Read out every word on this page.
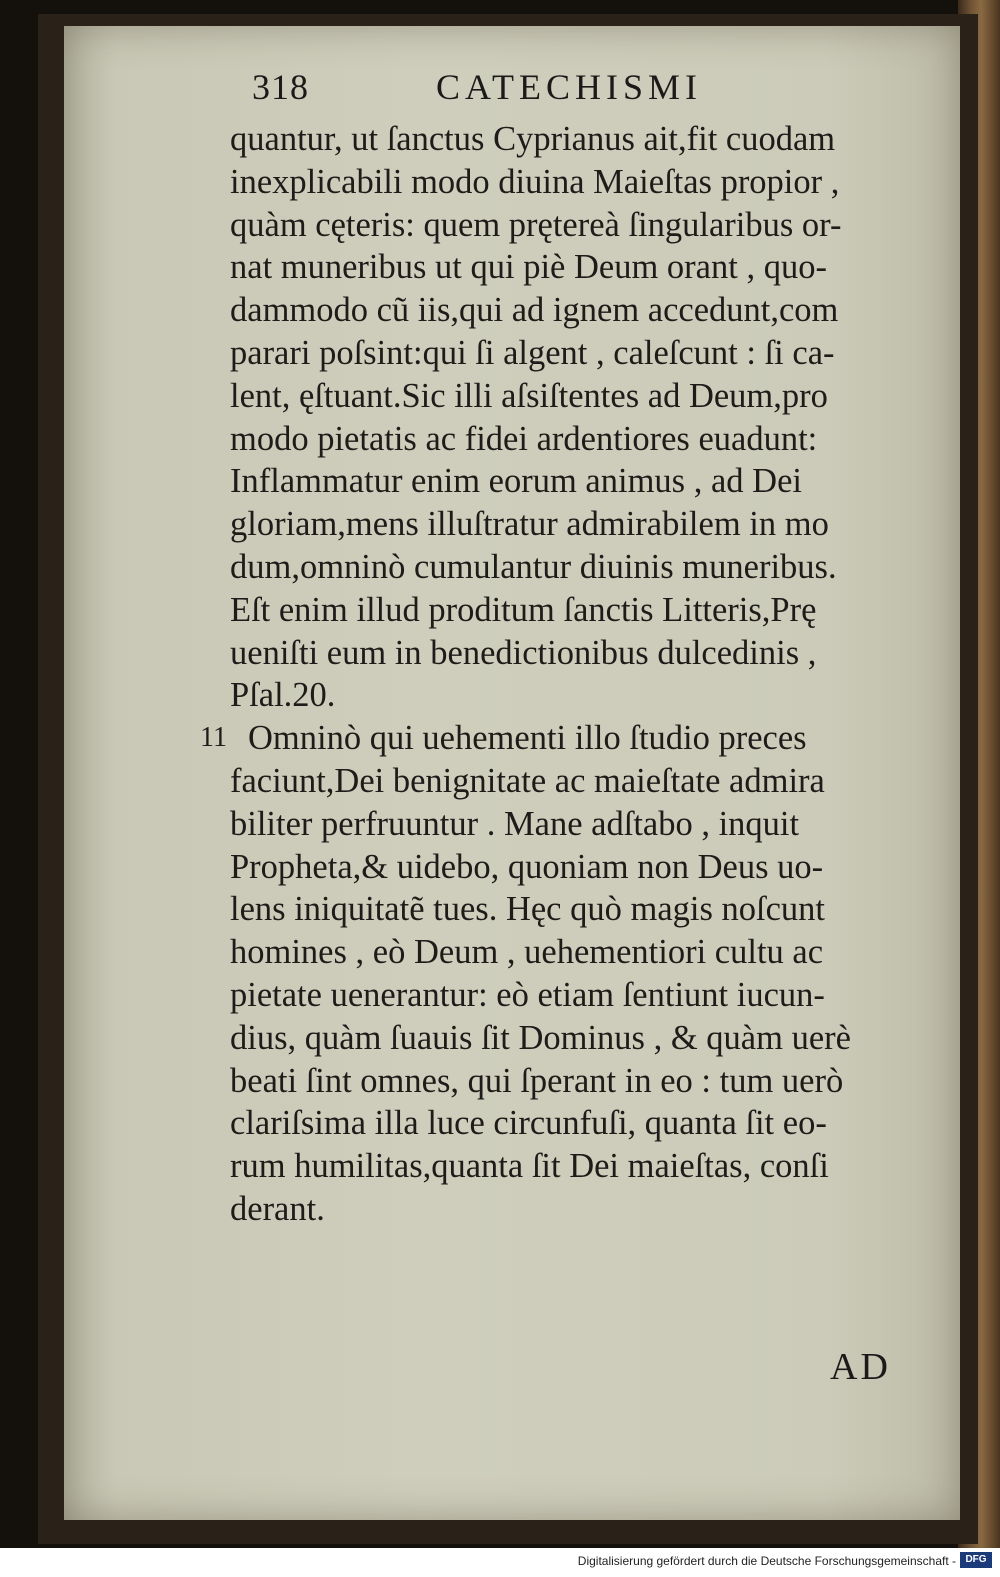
318	CATECHISMI
quantur, ut ſanctus Cyprianus ait,fit cuodam
inexplicabili modo diuina Maieſtas propior ,
quàm cęteris: quem prętereà ſingularibus or-
nat muneribus ut qui piè Deum orant , quo-
dammodo cũ iis,qui ad ignem accedunt,com
parari poſsint:qui ſi algent , caleſcunt : ſi ca-
lent, ęſtuant.Sic illi aſsiſtentes ad Deum,pro
modo pietatis ac fidei ardentiores euadunt:
Inflammatur enim eorum animus , ad Dei
gloriam,mens illuſtratur admirabilem in mo
dum,omninò cumulantur diuinis muneribus.
Eſt enim illud proditum ſanctis Litteris,Prę
ueniſti eum in benedictionibus dulcedinis ,
Pſal.20.
11 Omninò qui uehementi illo ſtudio preces
faciunt,Dei benignitate ac maieſtate admira
biliter perfruuntur . Mane adſtabo , inquit
Propheta,& uidebo, quoniam non Deus uo-
lens iniquitatẽ tues. Hęc quò magis noſcunt
homines , eò Deum , uehementiori cultu ac
pietate uenerantur: eò etiam ſentiunt iucun-
dius, quàm ſuauis ſit Dominus , & quàm uerè
beati ſint omnes, qui ſperant in eo : tum uerò
clariſsima illa luce circunfuſi, quanta ſit eo-
rum humilitas,quanta ſit Dei maieſtas, conſi
derant.
AD
Digitalisierung gefördert durch die Deutsche Forschungsgemeinschaft - DFG
